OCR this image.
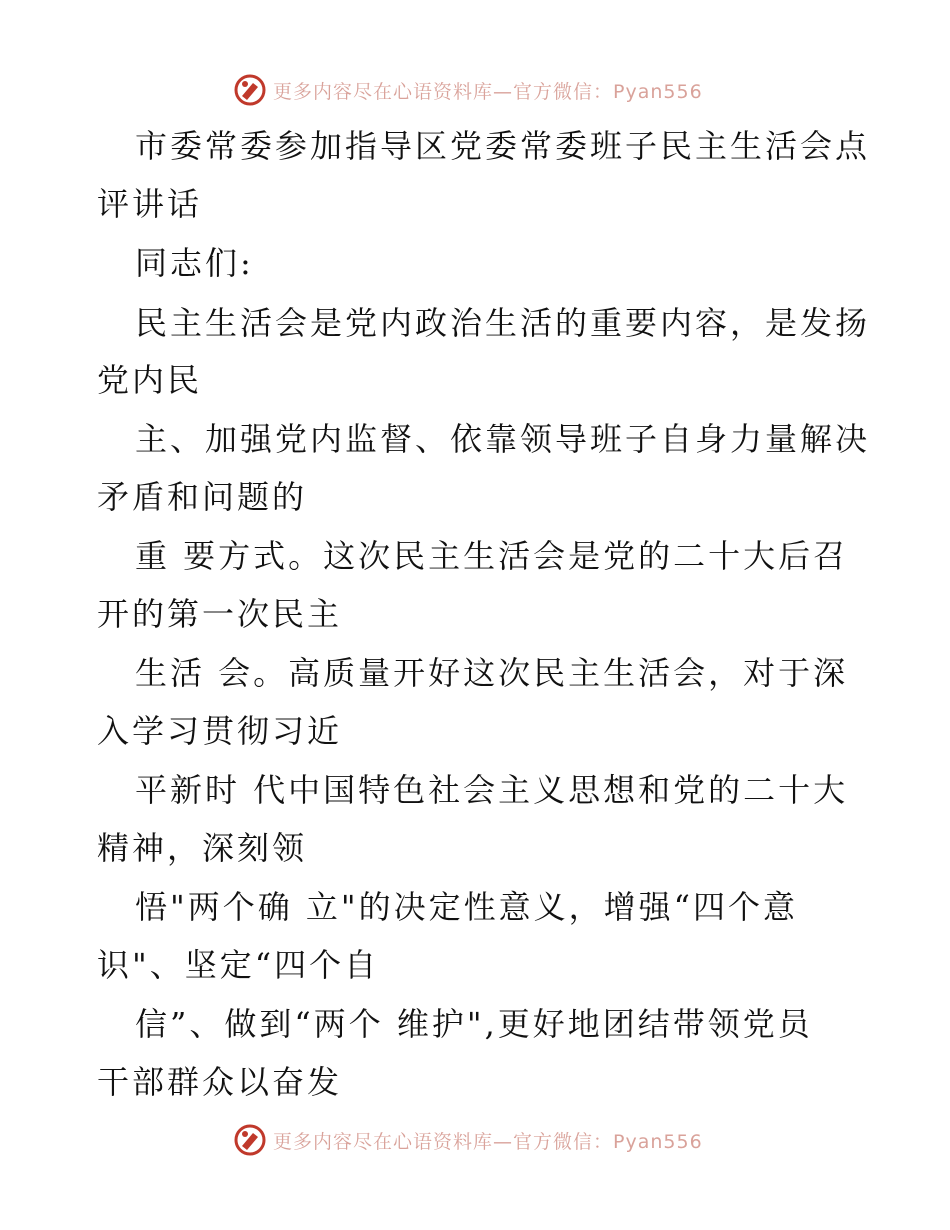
更多内容尽在心语资料库—官方微信：Pyan556
市委常委参加指导区党委常委班子民主生活会点
评讲话
同志们:
民主生活会是党内政治生活的重要内容，是发扬
党内民
主、加强党内监督、依靠领导班子自身力量解决
矛盾和问题的
重 要方式。这次民主生活会是党的二十大后召
开的第一次民主
生活 会。高质量开好这次民主生活会，对于深
入学习贯彻习近
平新时 代中国特色社会主义思想和党的二十大
精神，深刻领
悟"两个确 立"的决定性意义，增强“四个意
识"、坚定“四个自
信”、做到“两个 维护",更好地团结带领党员
干部群众以奋发
更多内容尽在心语资料库—官方微信：Pyan556
